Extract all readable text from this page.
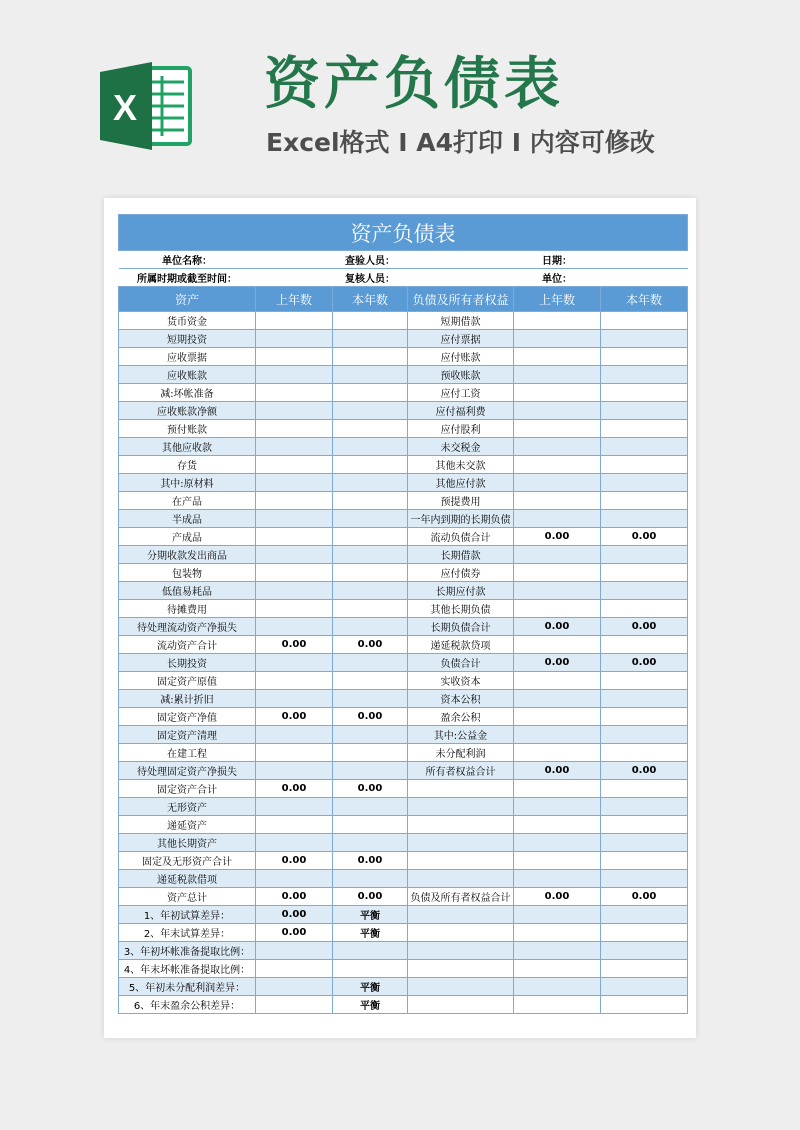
X 资产负债表
Excel格式 I A4打印 I 内容可修改
资产负债表					
单位名称：		查验人员：		日期：	
所属时期或截至时间：		复核人员：		单位：	
资产	上年数	本年数	负债及所有者权益	上年数	本年数
货币资金			短期借款		
短期投资			应付票据		
应收票据			应付账款		
应收账款			预收账款		
减:坏帐准备			应付工资		
应收账款净额			应付福利费		
预付账款			应付股利		
其他应收款			未交税金		
存货			其他未交款		
其中:原材料			其他应付款		
在产品			预提费用		
半成品			一年内到期的长期负债		
产成品			流动负债合计	0.00	0.00
分期收款发出商品			长期借款		
包装物			应付债券		
低值易耗品			长期应付款		
待摊费用			其他长期负债		
待处理流动资产净损失			长期负债合计	0.00	0.00
流动资产合计	0.00	0.00	递延税款贷项		
长期投资			负债合计	0.00	0.00
固定资产原值			实收资本		
减:累计折旧			资本公积		
固定资产净值	0.00	0.00	盈余公积		
固定资产清理			其中:公益金		
在建工程			未分配利润		
待处理固定资产净损失			所有者权益合计	0.00	0.00
固定资产合计	0.00	0.00			
无形资产					
递延资产					
其他长期资产					
固定及无形资产合计	0.00	0.00			
递延税款借项					
资产总计	0.00	0.00	负债及所有者权益合计	0.00	0.00
1、年初试算差异：	0.00	平衡			
2、年末试算差异：	0.00	平衡			
3、年初坏帐准备提取比例：					
4、年末坏帐准备提取比例：					
5、年初未分配利润差异：		平衡			
6、年末盈余公积差异：		平衡			
